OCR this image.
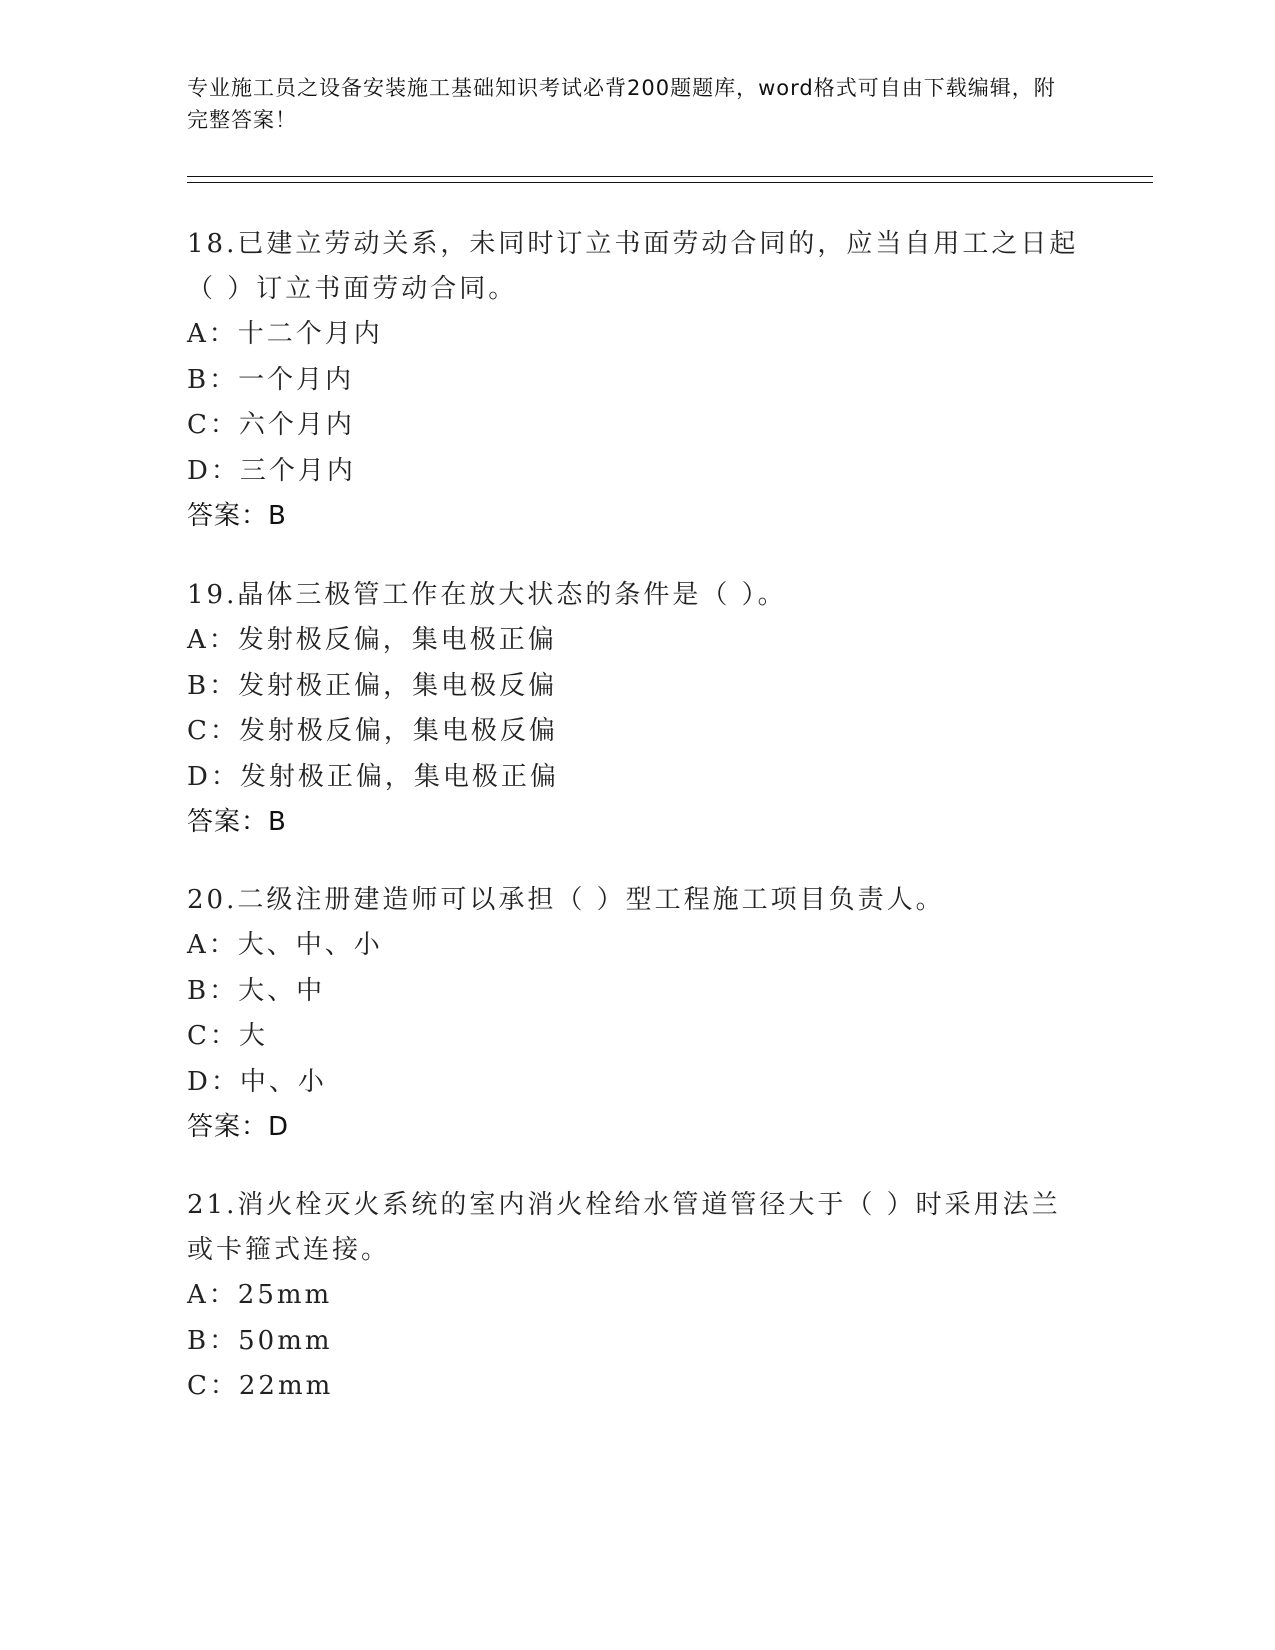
专业施工员之设备安装施工基础知识考试必背200题题库，word格式可自由下载编辑，附完整答案！
18.已建立劳动关系，未同时订立书面劳动合同的，应当自用工之日起（ ）订立书面劳动合同。
A：十二个月内
B：一个月内
C：六个月内
D：三个月内
答案：B
19.晶体三极管工作在放大状态的条件是（ ）。
A：发射极反偏，集电极正偏
B：发射极正偏，集电极反偏
C：发射极反偏，集电极反偏
D：发射极正偏，集电极正偏
答案：B
20.二级注册建造师可以承担（ ）型工程施工项目负责人。
A：大、中、小
B：大、中
C：大
D：中、小
答案：D
21.消火栓灭火系统的室内消火栓给水管道管径大于（ ）时采用法兰或卡箍式连接。
A：25mm
B：50mm
C：22mm
